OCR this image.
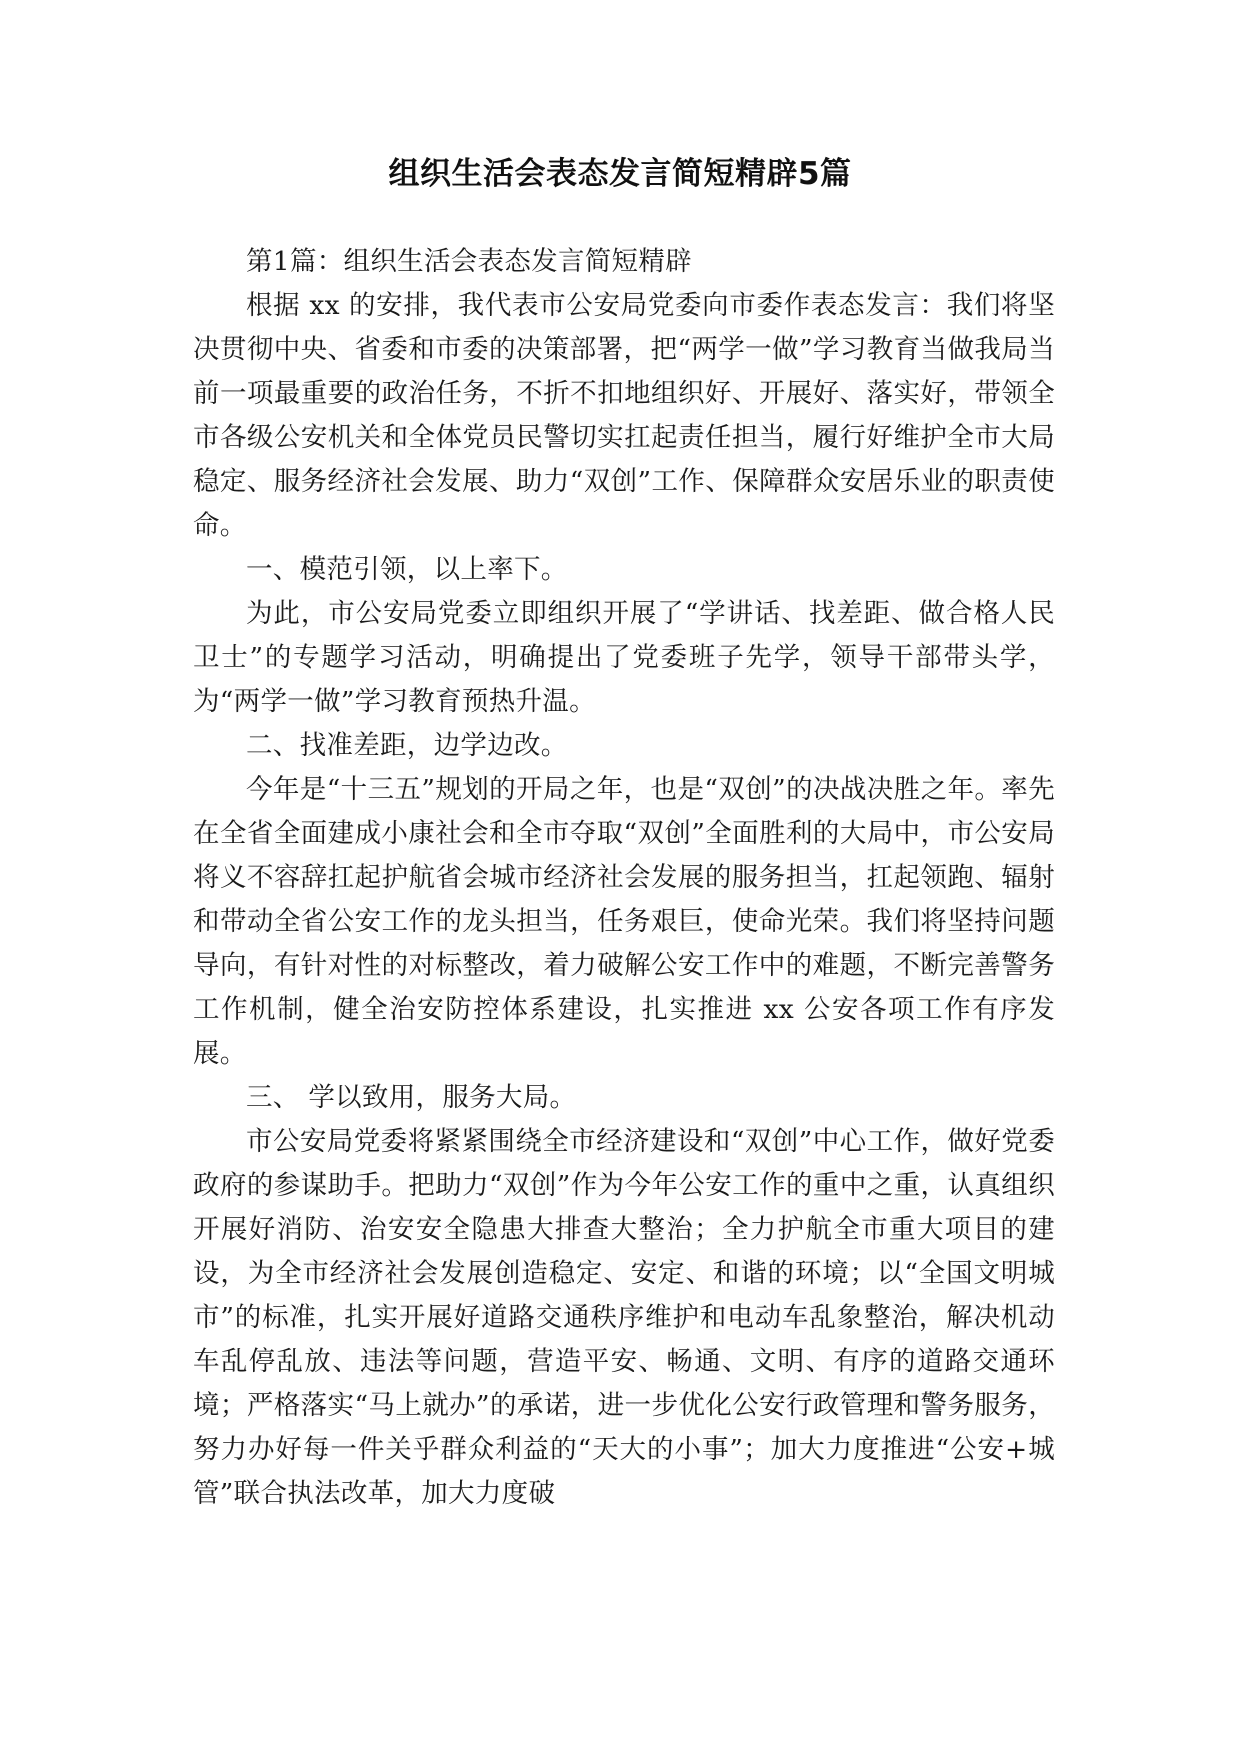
组织生活会表态发言简短精辟5篇

第1篇：组织生活会表态发言简短精辟

根据 xx 的安排，我代表市公安局党委向市委作表态发言：我们将坚决贯彻中央、省委和市委的决策部署，把“两学一做”学习教育当做我局当前一项最重要的政治任务，不折不扣地组织好、开展好、落实好，带领全市各级公安机关和全体党员民警切实扛起责任担当，履行好维护全市大局稳定、服务经济社会发展、助力“双创”工作、保障群众安居乐业的职责使命。

一、模范引领，以上率下。

为此，市公安局党委立即组织开展了“学讲话、找差距、做合格人民卫士”的专题学习活动，明确提出了党委班子先学，领导干部带头学，为“两学一做”学习教育预热升温。

二、找准差距，边学边改。

今年是“十三五”规划的开局之年，也是“双创”的决战决胜之年。率先在全省全面建成小康社会和全市夺取“双创”全面胜利的大局中，市公安局将义不容辞扛起护航省会城市经济社会发展的服务担当，扛起领跑、辐射和带动全省公安工作的龙头担当，任务艰巨，使命光荣。我们将坚持问题导向，有针对性的对标整改，着力破解公安工作中的难题，不断完善警务工作机制，健全治安防控体系建设，扎实推进 xx 公安各项工作有序发展。

三、 学以致用，服务大局。

市公安局党委将紧紧围绕全市经济建设和“双创”中心工作，做好党委政府的参谋助手。把助力“双创”作为今年公安工作的重中之重，认真组织开展好消防、治安安全隐患大排查大整治；全力护航全市重大项目的建设，为全市经济社会发展创造稳定、安定、和谐的环境；以“全国文明城市”的标准，扎实开展好道路交通秩序维护和电动车乱象整治，解决机动车乱停乱放、违法等问题，营造平安、畅通、文明、有序的道路交通环境；严格落实“马上就办”的承诺，进一步优化公安行政管理和警务服务，努力办好每一件关乎群众利益的“天大的小事”；加大力度推进“公安+城管”联合执法改革，加大力度破
